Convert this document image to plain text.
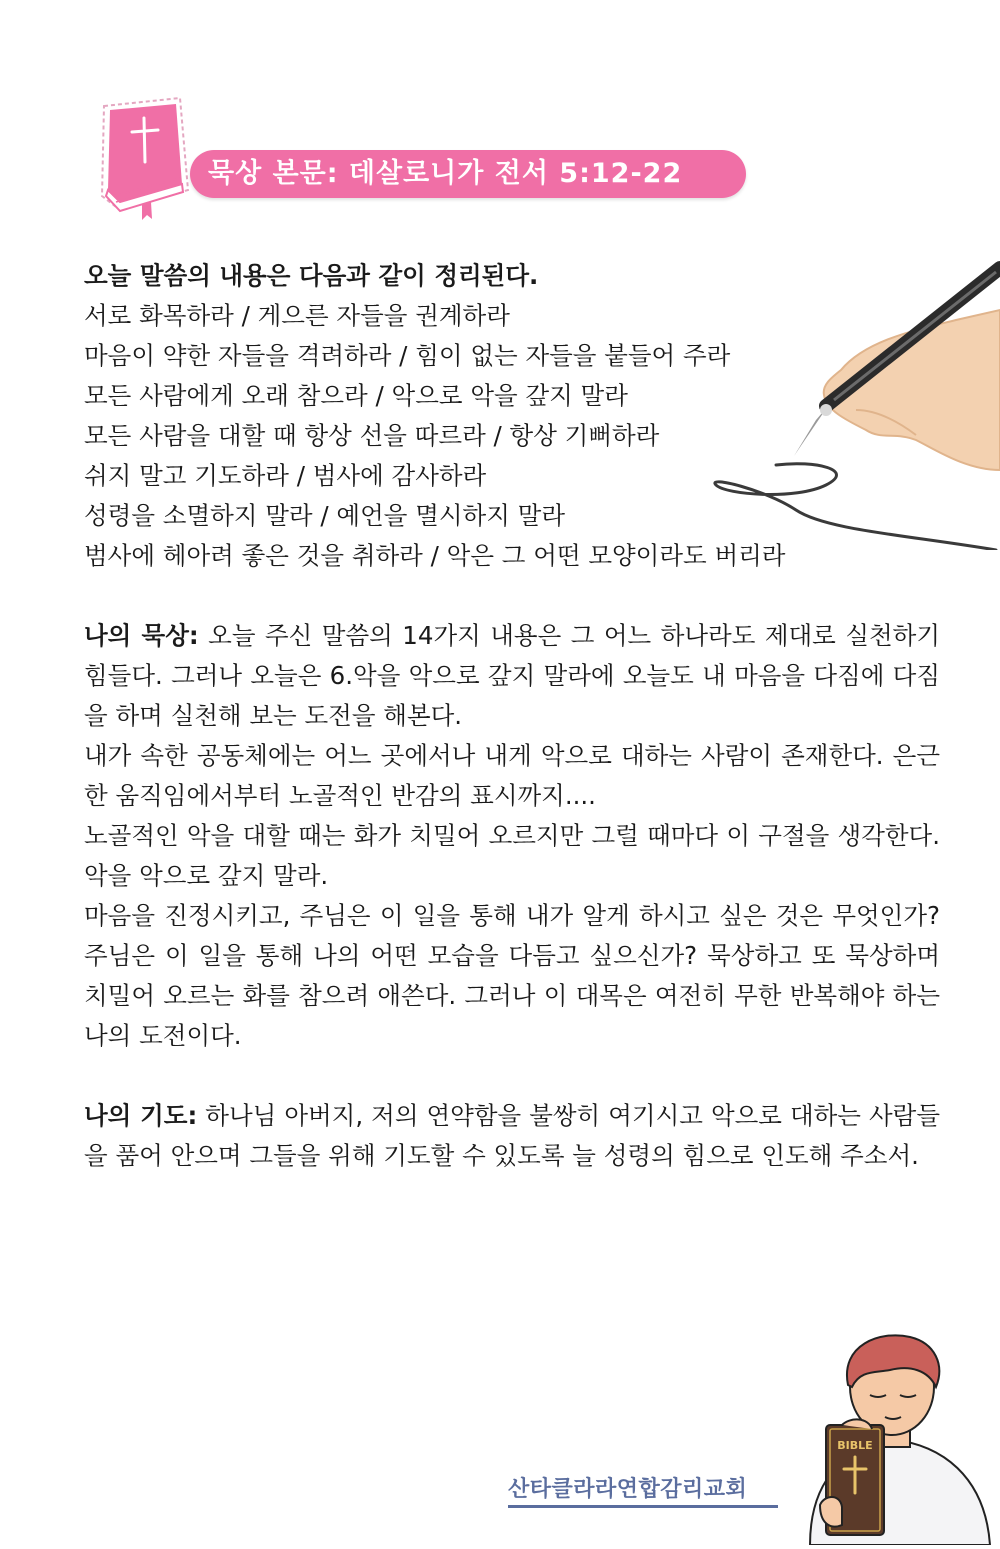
묵상 본문: 데살로니가 전서 5:12-22

오늘 말씀의 내용은 다음과 같이 정리된다.

서로 화목하라 / 게으른 자들을 권계하라

마음이 약한 자들을 격려하라 / 힘이 없는 자들을 붙들어 주라

모든 사람에게 오래 참으라 / 악으로 악을 갚지 말라

모든 사람을 대할 때 항상 선을 따르라 / 항상 기뻐하라

쉬지 말고 기도하라 / 범사에 감사하라

성령을 소멸하지 말라 / 예언을 멸시하지 말라

범사에 헤아려 좋은 것을 취하라 / 악은 그 어떤 모양이라도 버리라

나의 묵상: 오늘 주신 말씀의 14가지 내용은 그 어느 하나라도 제대로 실천하기 힘들다. 그러나 오늘은 6.악을 악으로 갚지 말라에 오늘도 내 마음을 다짐에 다짐을 하며 실천해 보는 도전을 해본다.

내가 속한 공동체에는 어느 곳에서나 내게 악으로 대하는 사람이 존재한다. 은근한 움직임에서부터 노골적인 반감의 표시까지....

노골적인 악을 대할 때는 화가 치밀어 오르지만 그럴 때마다 이 구절을 생각한다. 악을 악으로 갚지 말라.

마음을 진정시키고, 주님은 이 일을 통해 내가 알게 하시고 싶은 것은 무엇인가? 주님은 이 일을 통해 나의 어떤 모습을 다듬고 싶으신가? 묵상하고 또 묵상하며 치밀어 오르는 화를 참으려 애쓴다. 그러나 이 대목은 여전히 무한 반복해야 하는 나의 도전이다.

나의 기도: 하나님 아버지, 저의 연약함을 불쌍히 여기시고 악으로 대하는 사람들을 품어 안으며 그들을 위해 기도할 수 있도록 늘 성령의 힘으로 인도해 주소서.

BIBLE
산타클라라연합감리교회
